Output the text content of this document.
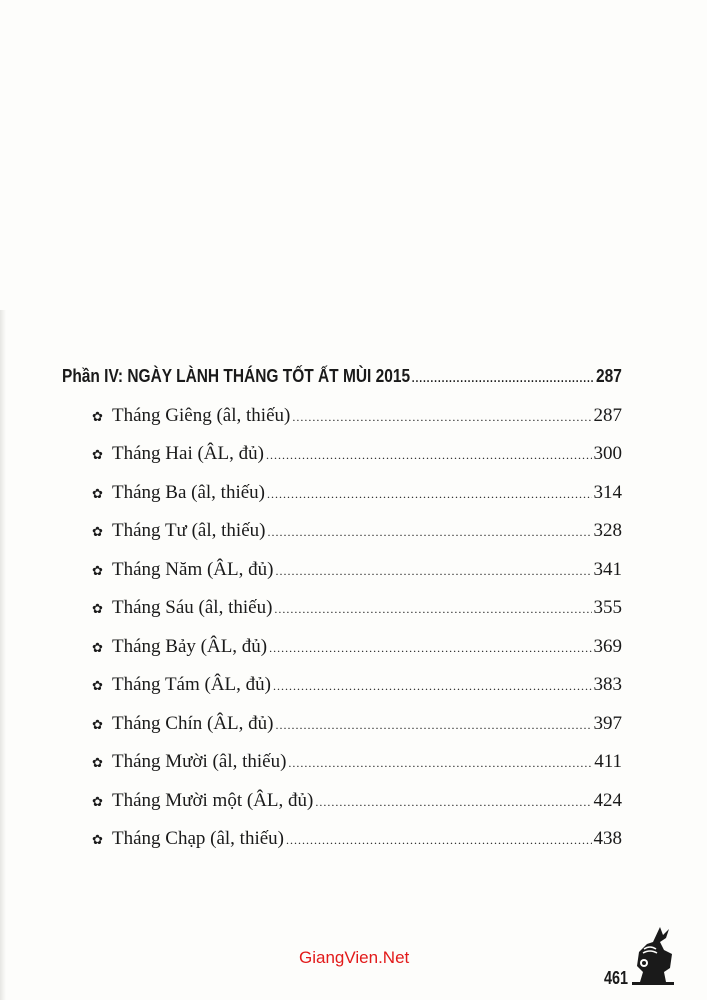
Phần IV: NGÀY LÀNH THÁNG TỐT ẤT MÙI 2015 .....	287
✿ Tháng Giêng (âl, thiếu) .....	287
✿ Tháng Hai (ÂL, đủ) .....	300
✿ Tháng Ba (âl, thiếu) .....	314
✿ Tháng Tư (âl, thiếu) .....	328
✿ Tháng Năm (ÂL, đủ) .....	341
✿ Tháng Sáu (âl, thiếu) .....	355
✿ Tháng Bảy (ÂL, đủ) .....	369
✿ Tháng Tám (ÂL, đủ) .....	383
✿ Tháng Chín (ÂL, đủ) .....	397
✿ Tháng Mười (âl, thiếu) .....	411
✿ Tháng Mười một (ÂL, đủ) .....	424
✿ Tháng Chạp (âl, thiếu) .....	438
GiangVien.Net
461
